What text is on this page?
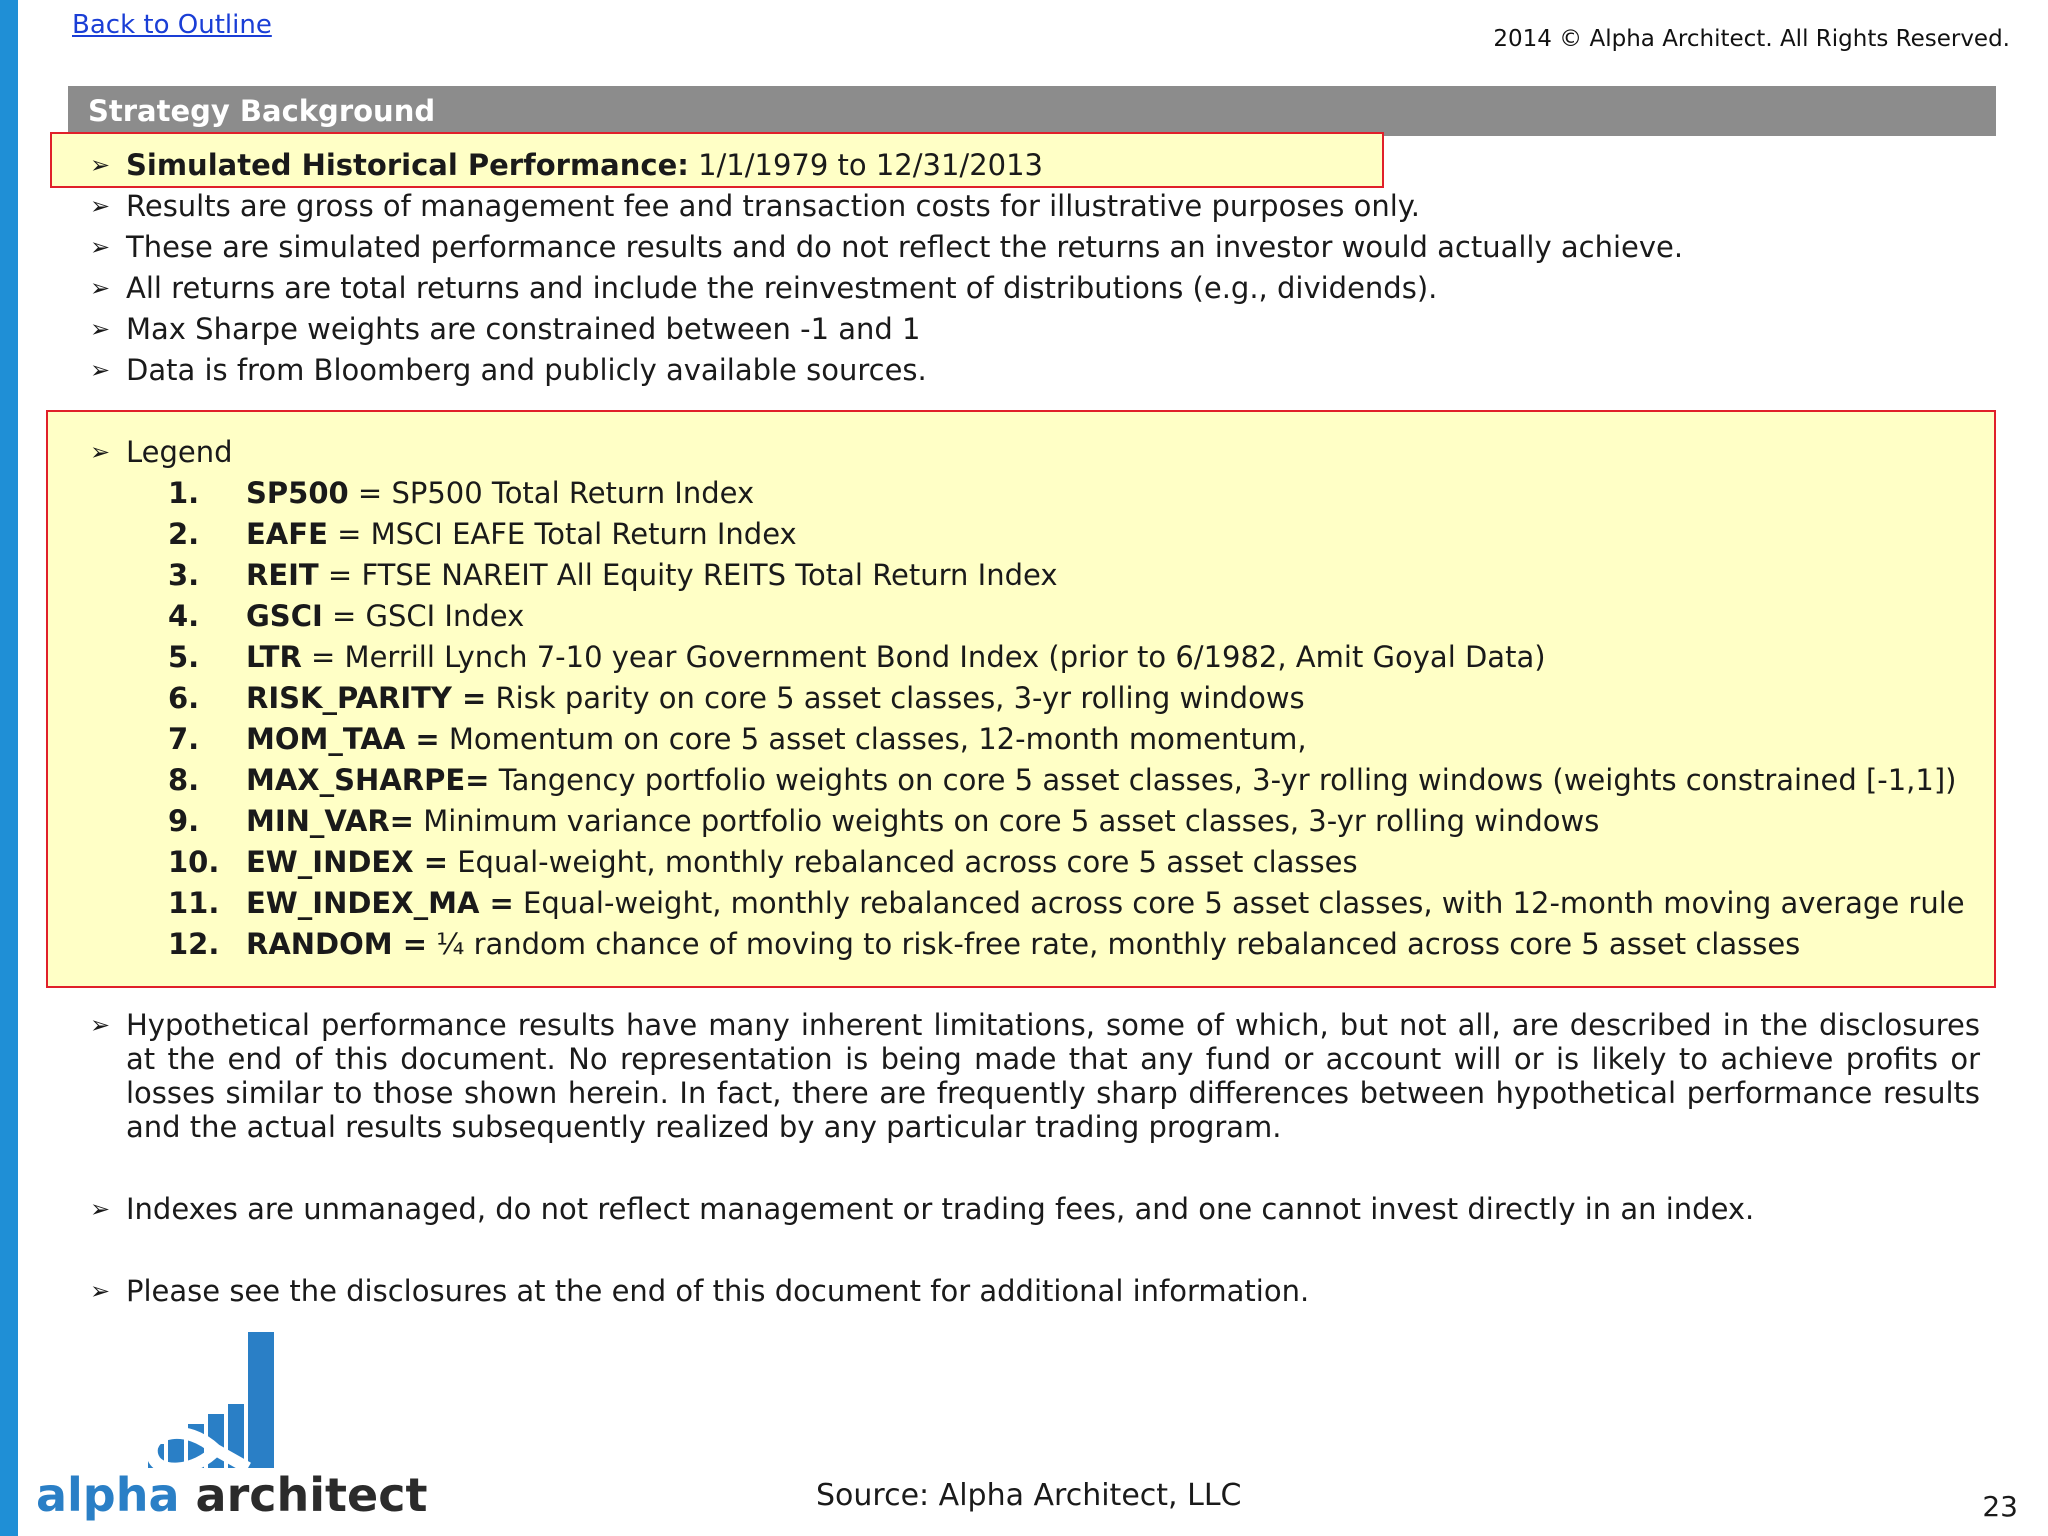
Back to Outline	2014 © Alpha Architect. All Rights Reserved.
Strategy Background
➢ Simulated Historical Performance: 1/1/1979 to 12/31/2013
➢ Results are gross of management fee and transaction costs for illustrative purposes only.
➢ These are simulated performance results and do not reflect the returns an investor would actually achieve.
➢ All returns are total returns and include the reinvestment of distributions (e.g., dividends).
➢ Max Sharpe weights are constrained between -1 and 1
➢ Data is from Bloomberg and publicly available sources.
➢ Legend
1. SP500 = SP500 Total Return Index
2. EAFE = MSCI EAFE Total Return Index
3. REIT = FTSE NAREIT All Equity REITS Total Return Index
4. GSCI = GSCI Index
5. LTR = Merrill Lynch 7-10 year Government Bond Index (prior to 6/1982, Amit Goyal Data)
6. RISK_PARITY = Risk parity on core 5 asset classes, 3-yr rolling windows
7. MOM_TAA = Momentum on core 5 asset classes, 12-month momentum,
8. MAX_SHARPE= Tangency portfolio weights on core 5 asset classes, 3-yr rolling windows (weights constrained [-1,1])
9. MIN_VAR= Minimum variance portfolio weights on core 5 asset classes, 3-yr rolling windows
10. EW_INDEX = Equal-weight, monthly rebalanced across core 5 asset classes
11. EW_INDEX_MA = Equal-weight, monthly rebalanced across core 5 asset classes, with 12-month moving average rule
12. RANDOM = ¼ random chance of moving to risk-free rate, monthly rebalanced across core 5 asset classes
➢ Hypothetical performance results have many inherent limitations, some of which, but not all, are described in the disclosures at the end of this document. No representation is being made that any fund or account will or is likely to achieve profits or losses similar to those shown herein. In fact, there are frequently sharp differences between hypothetical performance results and the actual results subsequently realized by any particular trading program.
➢ Indexes are unmanaged, do not reflect management or trading fees, and one cannot invest directly in an index.
➢ Please see the disclosures at the end of this document for additional information.
alpha architect	Source: Alpha Architect, LLC	23
